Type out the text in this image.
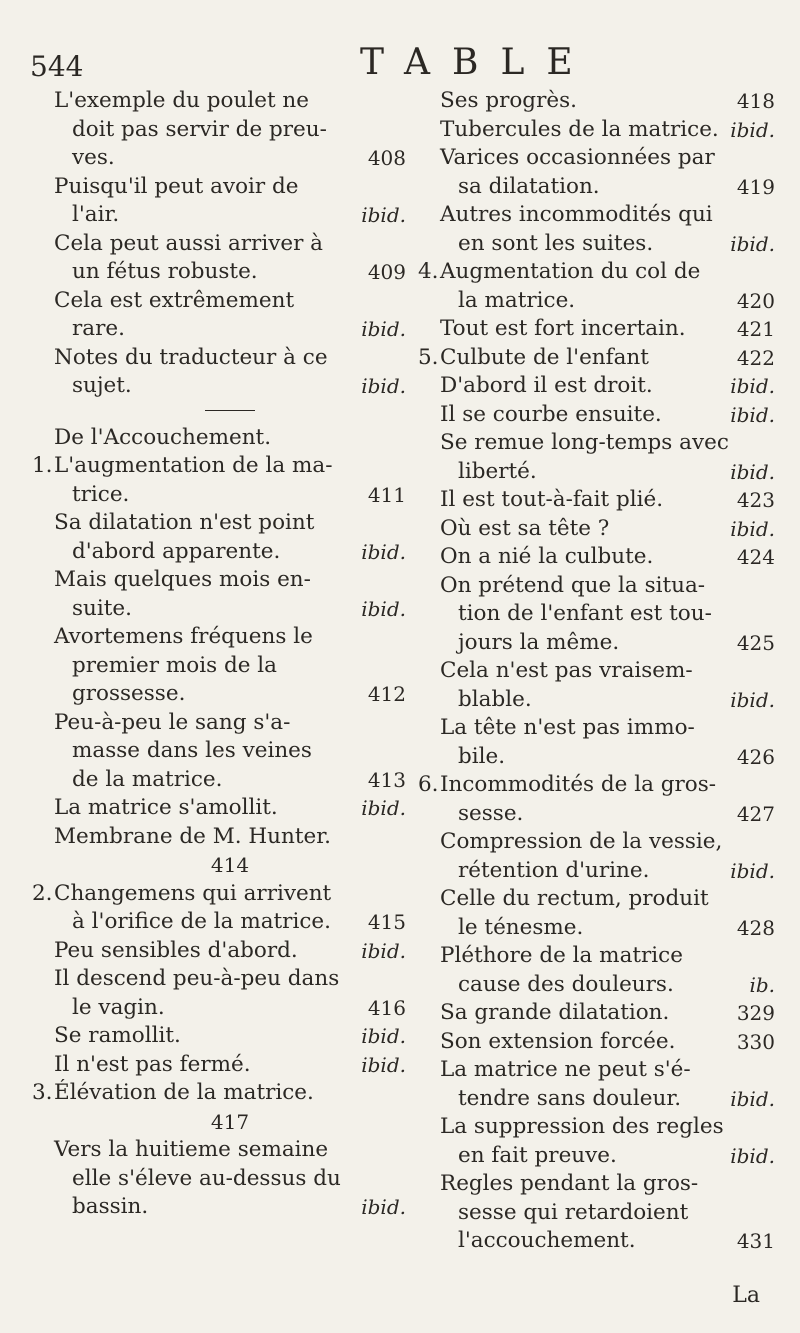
544	TABLE
L'exemple du poulet ne
doit pas servir de preu-
408
ves.
Puisqu'il peut avoir de
ibid.
l'air.
Cela peut aussi arriver à
409
un fétus robuste.
Cela est extrêmement
ibid.
rare.
Notes du traducteur à ce
ibid.
sujet.
De l'Accouchement.
1.L'augmentation de la ma-
411
trice.
Sa dilatation n'est point
ibid.
d'abord apparente.
Mais quelques mois en-
ibid.
suite.
Avortemens fréquens le
premier mois de la
412
grossesse.
Peu-à-peu le sang s'a-
masse dans les veines
413
de la matrice.
ibid.
La matrice s'amollit.
Membrane de M. Hunter.
414
2.Changemens qui arrivent
415
à l'orifice de la matrice.
ibid.
Peu sensibles d'abord.
Il descend peu-à-peu dans
416
le vagin.
ibid.
Se ramollit.
ibid.
Il n'est pas fermé.
3.Élévation de la matrice.
417
Vers la huitieme semaine
elle s'éleve au-dessus du
ibid.
bassin.
418
Ses progrès.
ibid.
Tubercules de la matrice.
Varices occasionnées par
419
sa dilatation.
Autres incommodités qui
ibid.
en sont les suites.
4.Augmentation du col de
420
la matrice.
421
Tout est fort incertain.
5.	422
Culbute de l'enfant
ibid.
D'abord il est droit.
ibid.
Il se courbe ensuite.
Se remue long-temps avec
ibid.
liberté.
423
Il est tout-à-fait plié.
ibid.
Où est sa tête ?
424
On a nié la culbute.
On prétend que la situa-
tion de l'enfant est tou-
425
jours la même.
Cela n'est pas vraisem-
ibid.
blable.
La tête n'est pas immo-
426
bile.
6.Incommodités de la gros-
427
sesse.
Compression de la vessie,
ibid.
rétention d'urine.
Celle du rectum, produit
428
le ténesme.
Pléthore de la matrice
ib.
cause des douleurs.
329
Sa grande dilatation.
330
Son extension forcée.
La matrice ne peut s'é-
ibid.
tendre sans douleur.
La suppression des regles
ibid.
en fait preuve.
Regles pendant la gros-
sesse qui retardoient
431
l'accouchement.
La
